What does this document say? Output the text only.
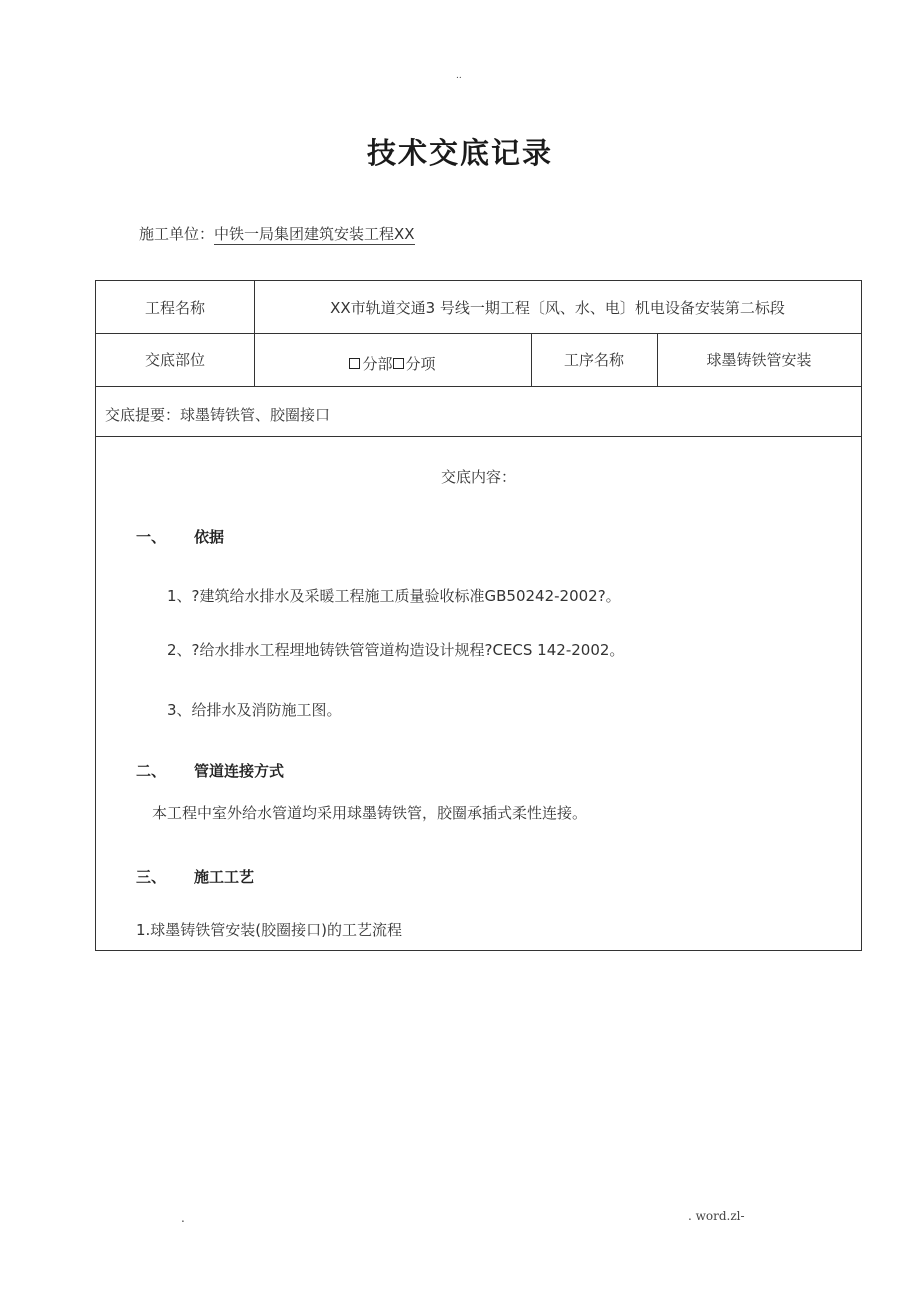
..
技术交底记录
施工单位：中铁一局集团建筑安装工程XX
工程名称	XX市轨道交通3 号线一期工程〔风、水、电〕机电设备安装第二标段
交底部位	分部 分项	工序名称	球墨铸铁管安装
交底提要：球墨铸铁管、胶圈接口
交底内容：
一、 依据
1、?建筑给水排水及采暖工程施工质量验收标准GB50242-2002?。
2、?给水排水工程埋地铸铁管管道构造设计规程?CECS 142-2002。
3、给排水及消防施工图。
二、 管道连接方式
本工程中室外给水管道均采用球墨铸铁管，胶圈承插式柔性连接。
三、 施工工艺
1.球墨铸铁管安装(胶圈接口)的工艺流程
.	. word.zl-
